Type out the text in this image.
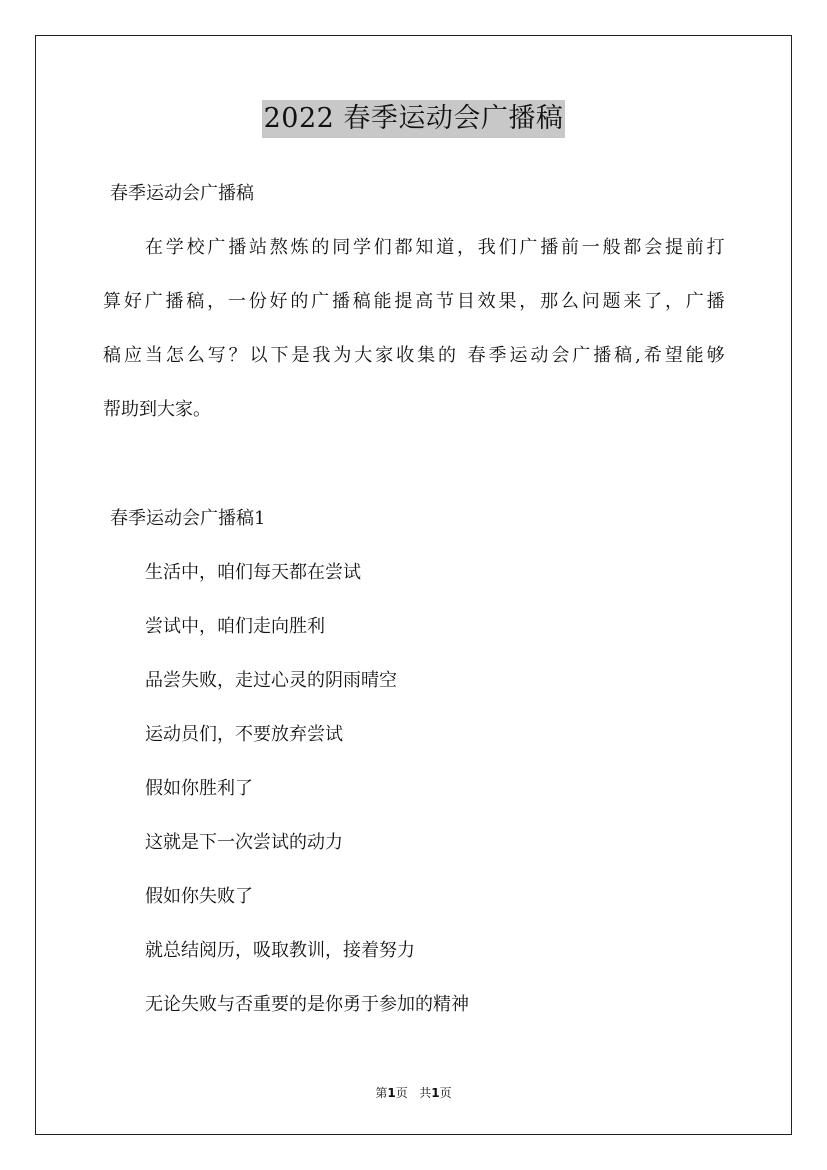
2022 春季运动会广播稿
春季运动会广播稿
在学校广播站熬炼的同学们都知道，我们广播前一般都会提前打
算好广播稿，一份好的广播稿能提高节目效果，那么问题来了，广播
稿应当怎么写？以下是我为大家收集的 春季运动会广播稿,希望能够
帮助到大家。
春季运动会广播稿1
生活中，咱们每天都在尝试
尝试中，咱们走向胜利
品尝失败，走过心灵的阴雨晴空
运动员们，不要放弃尝试
假如你胜利了
这就是下一次尝试的动力
假如你失败了
就总结阅历，吸取教训，接着努力
无论失败与否重要的是你勇于参加的精神
第1页 共1页
